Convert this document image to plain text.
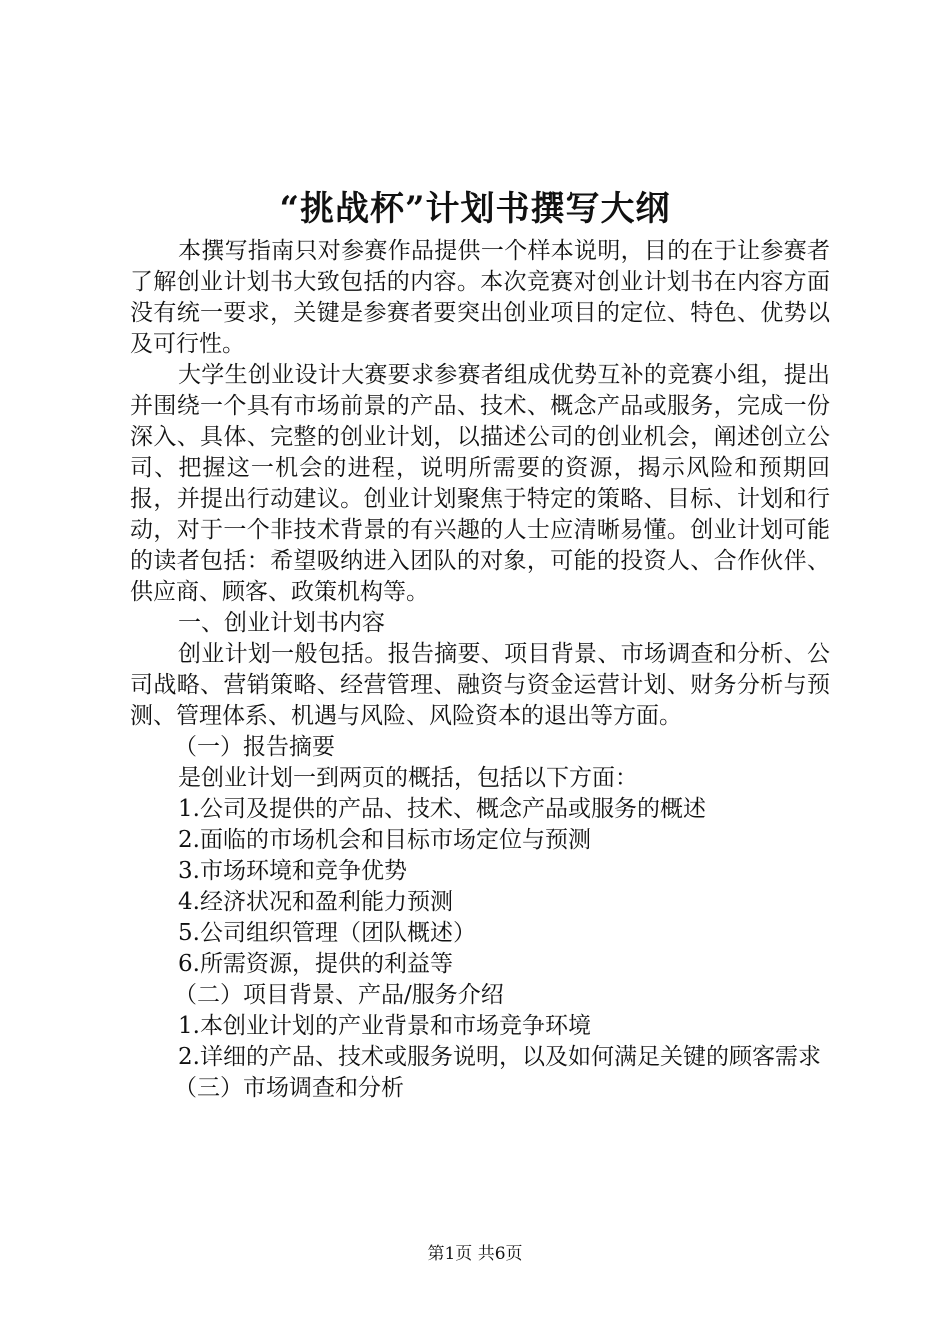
“挑战杯”计划书撰写大纲

本撰写指南只对参赛作品提供一个样本说明，目的在于让参赛者了解创业计划书大致包括的内容。本次竞赛对创业计划书在内容方面没有统一要求，关键是参赛者要突出创业项目的定位、特色、优势以及可行性。

大学生创业设计大赛要求参赛者组成优势互补的竞赛小组，提出并围绕一个具有市场前景的产品、技术、概念产品或服务，完成一份深入、具体、完整的创业计划，以描述公司的创业机会，阐述创立公司、把握这一机会的进程，说明所需要的资源，揭示风险和预期回报，并提出行动建议。创业计划聚焦于特定的策略、目标、计划和行动，对于一个非技术背景的有兴趣的人士应清晰易懂。创业计划可能的读者包括：希望吸纳进入团队的对象，可能的投资人、合作伙伴、供应商、顾客、政策机构等。

一、创业计划书内容

创业计划一般包括。报告摘要、项目背景、市场调查和分析、公司战略、营销策略、经营管理、融资与资金运营计划、财务分析与预测、管理体系、机遇与风险、风险资本的退出等方面。

（一）报告摘要

是创业计划一到两页的概括，包括以下方面：

1.公司及提供的产品、技术、概念产品或服务的概述

2.面临的市场机会和目标市场定位与预测

3.市场环境和竞争优势

4.经济状况和盈利能力预测

5.公司组织管理（团队概述）

6.所需资源，提供的利益等

（二）项目背景、产品/服务介绍

1.本创业计划的产业背景和市场竞争环境

2.详细的产品、技术或服务说明，以及如何满足关键的顾客需求

（三）市场调查和分析

第1页 共6页
